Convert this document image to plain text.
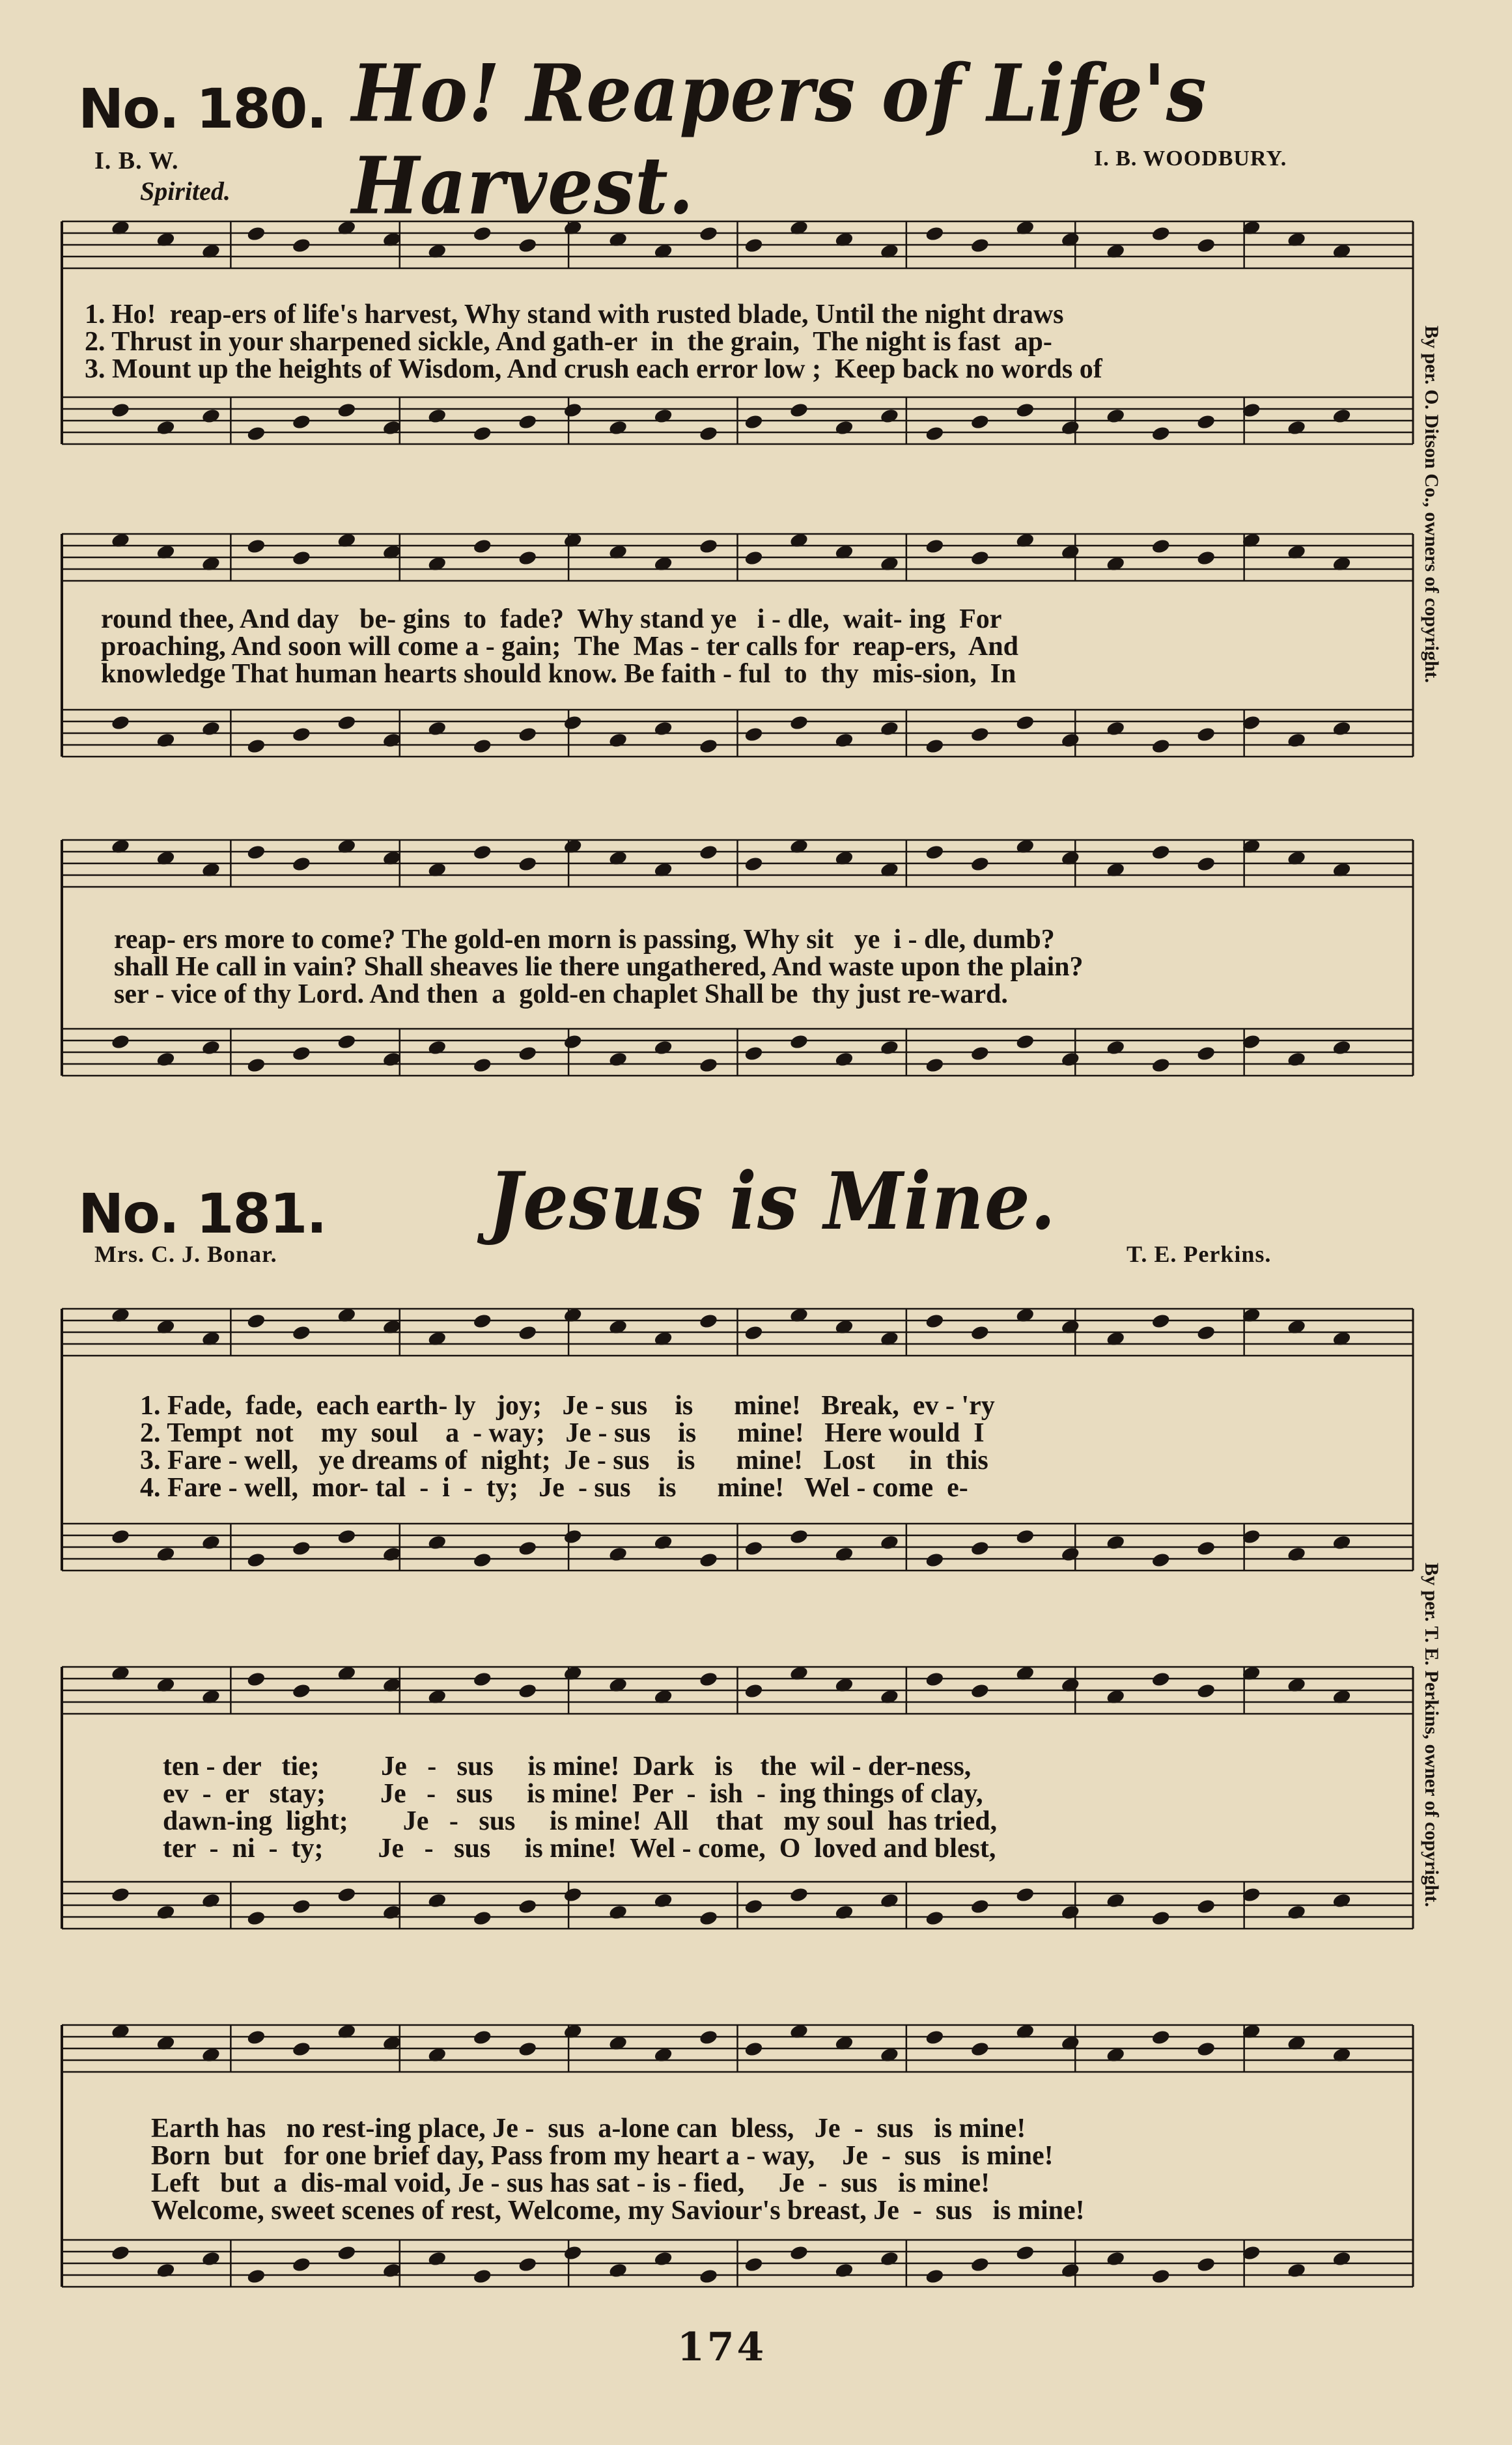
No. 180. Ho! Reapers of Life's Harvest.
I. B. W.	I. B. WOODBURY.
Spirited.
1. Ho!  reap-ers of life's harvest, Why stand with rusted blade, Until the night draws
2. Thrust in your sharpened sickle, And gath-er  in  the grain,  The night is fast  ap-
3. Mount up the heights of Wisdom, And crush each error low ;  Keep back no words of
round thee, And day   be- gins  to  fade?  Why stand ye   i - dle,  wait- ing  For
proaching, And soon will come a - gain;  The  Mas - ter calls for  reap-ers,  And
knowledge That human hearts should know. Be faith - ful  to  thy  mis-sion,  In
reap- ers more to come? The gold-en morn is passing, Why sit   ye  i - dle, dumb?
shall He call in vain? Shall sheaves lie there ungathered, And waste upon the plain?
ser - vice of thy Lord. And then  a  gold-en chaplet Shall be  thy just re-ward.
By per. O. Ditson Co., owners of copyright.
No. 181. Jesus is Mine.
Mrs. C. J. Bonar.	T. E. Perkins.
1. Fade,  fade,  each earth- ly   joy;   Je - sus    is      mine!   Break,  ev - 'ry
2. Tempt  not    my  soul    a  - way;   Je - sus    is      mine!   Here would  I
3. Fare - well,   ye dreams of  night;  Je - sus    is      mine!   Lost     in  this
4. Fare - well,  mor- tal  -  i  -  ty;   Je  - sus    is      mine!   Wel - come  e-
ten - der   tie;         Je   -   sus     is mine!  Dark   is    the  wil - der-ness,
ev  -  er   stay;        Je   -   sus     is mine!  Per  -  ish  -  ing things of clay,
dawn-ing  light;        Je   -   sus     is mine!  All    that   my soul  has tried,
ter  -  ni  -  ty;        Je   -   sus     is mine!  Wel - come,  O  loved and blest,
Earth has   no rest-ing place, Je -  sus  a-lone can  bless,   Je  -  sus   is mine!
Born  but   for one brief day, Pass from my heart a - way,    Je  -  sus   is mine!
Left   but  a  dis-mal void, Je - sus has sat - is - fied,     Je  -  sus   is mine!
Welcome, sweet scenes of rest, Welcome, my Saviour's breast, Je  -  sus   is mine!
By per. T. E. Perkins, owner of copyright.
174
